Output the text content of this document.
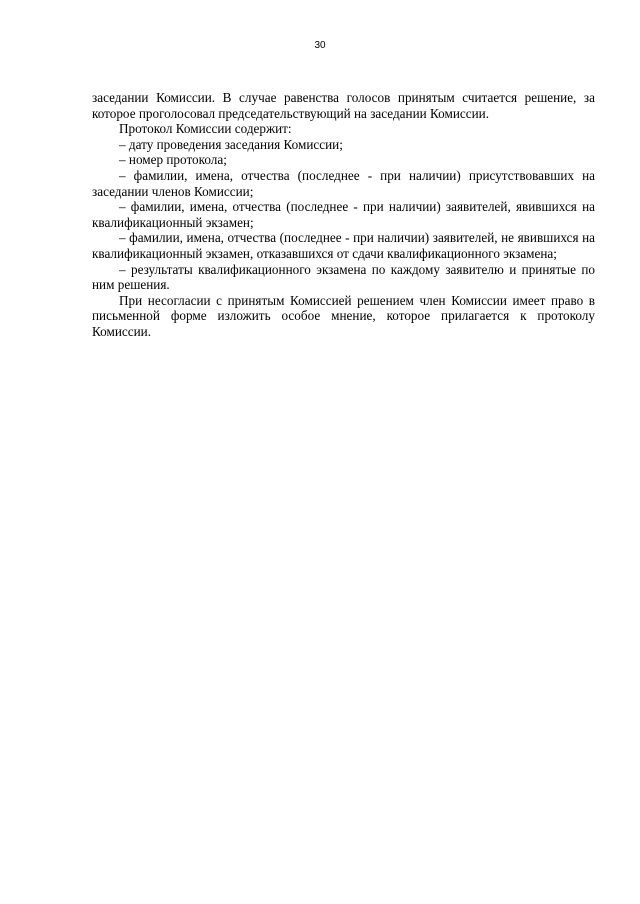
30

заседании Комиссии. В случае равенства голосов принятым считается решение, за которое проголосовал председательствующий на заседании Комиссии.

Протокол Комиссии содержит:

– дату проведения заседания Комиссии;

– номер протокола;

– фамилии, имена, отчества (последнее - при наличии) присутствовавших на заседании членов Комиссии;

– фамилии, имена, отчества (последнее - при наличии) заявителей, явившихся на квалификационный экзамен;

– фамилии, имена, отчества (последнее - при наличии) заявителей, не явившихся на квалификационный экзамен, отказавшихся от сдачи квалификационного экзамена;

– результаты квалификационного экзамена по каждому заявителю и принятые по ним решения.

При несогласии с принятым Комиссией решением член Комиссии имеет право в письменной форме изложить особое мнение, которое прилагается к протоколу Комиссии.
